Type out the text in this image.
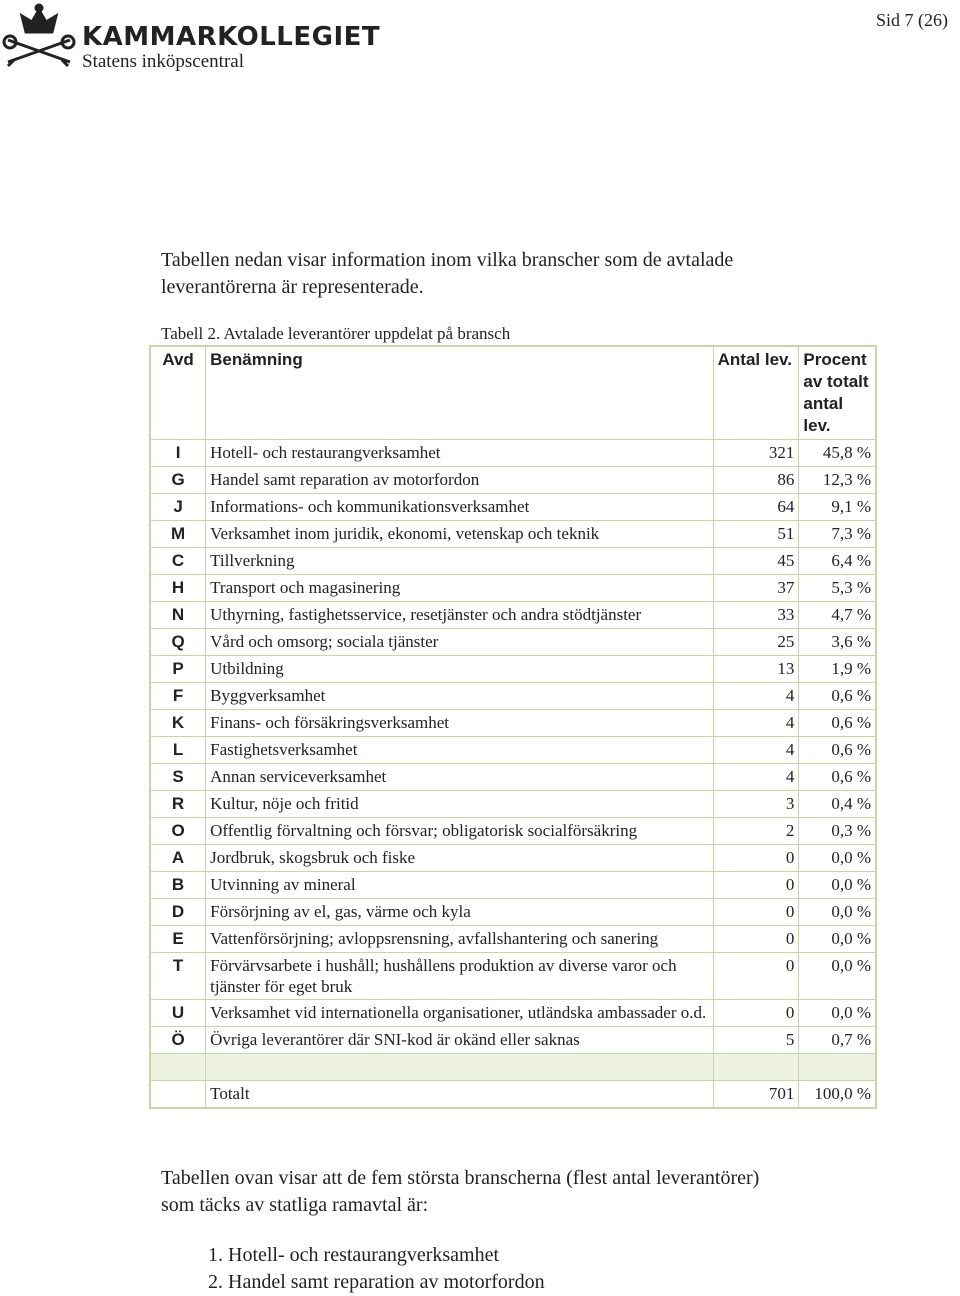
KAMMARKOLLEGIET
Statens inköpscentral
Sid 7 (26)

Tabellen nedan visar information inom vilka branscher som de avtalade leverantörerna är representerade.

Tabell 2. Avtalade leverantörer uppdelat på bransch
Avd	Benämning	Antal lev.	Procent av totalt antal lev.
I	Hotell- och restaurangverksamhet	321	45,8 %
G	Handel samt reparation av motorfordon	86	12,3 %
J	Informations- och kommunikationsverksamhet	64	9,1 %
M	Verksamhet inom juridik, ekonomi, vetenskap och teknik	51	7,3 %
C	Tillverkning	45	6,4 %
H	Transport och magasinering	37	5,3 %
N	Uthyrning, fastighetsservice, resetjänster och andra stödtjänster	33	4,7 %
Q	Vård och omsorg; sociala tjänster	25	3,6 %
P	Utbildning	13	1,9 %
F	Byggverksamhet	4	0,6 %
K	Finans- och försäkringsverksamhet	4	0,6 %
L	Fastighetsverksamhet	4	0,6 %
S	Annan serviceverksamhet	4	0,6 %
R	Kultur, nöje och fritid	3	0,4 %
O	Offentlig förvaltning och försvar; obligatorisk socialförsäkring	2	0,3 %
A	Jordbruk, skogsbruk och fiske	0	0,0 %
B	Utvinning av mineral	0	0,0 %
D	Försörjning av el, gas, värme och kyla	0	0,0 %
E	Vattenförsörjning; avloppsrensning, avfallshantering och sanering	0	0,0 %
T	Förvärvsarbete i hushåll; hushållens produktion av diverse varor och tjänster för eget bruk	0	0,0 %
U	Verksamhet vid internationella organisationer, utländska ambassader o.d.	0	0,0 %
Ö	Övriga leverantörer där SNI-kod är okänd eller saknas	5	0,7 %

	Totalt	701	100,0 %

Tabellen ovan visar att de fem största branscherna (flest antal leverantörer) som täcks av statliga ramavtal är:

1. Hotell- och restaurangverksamhet
2. Handel samt reparation av motorfordon
